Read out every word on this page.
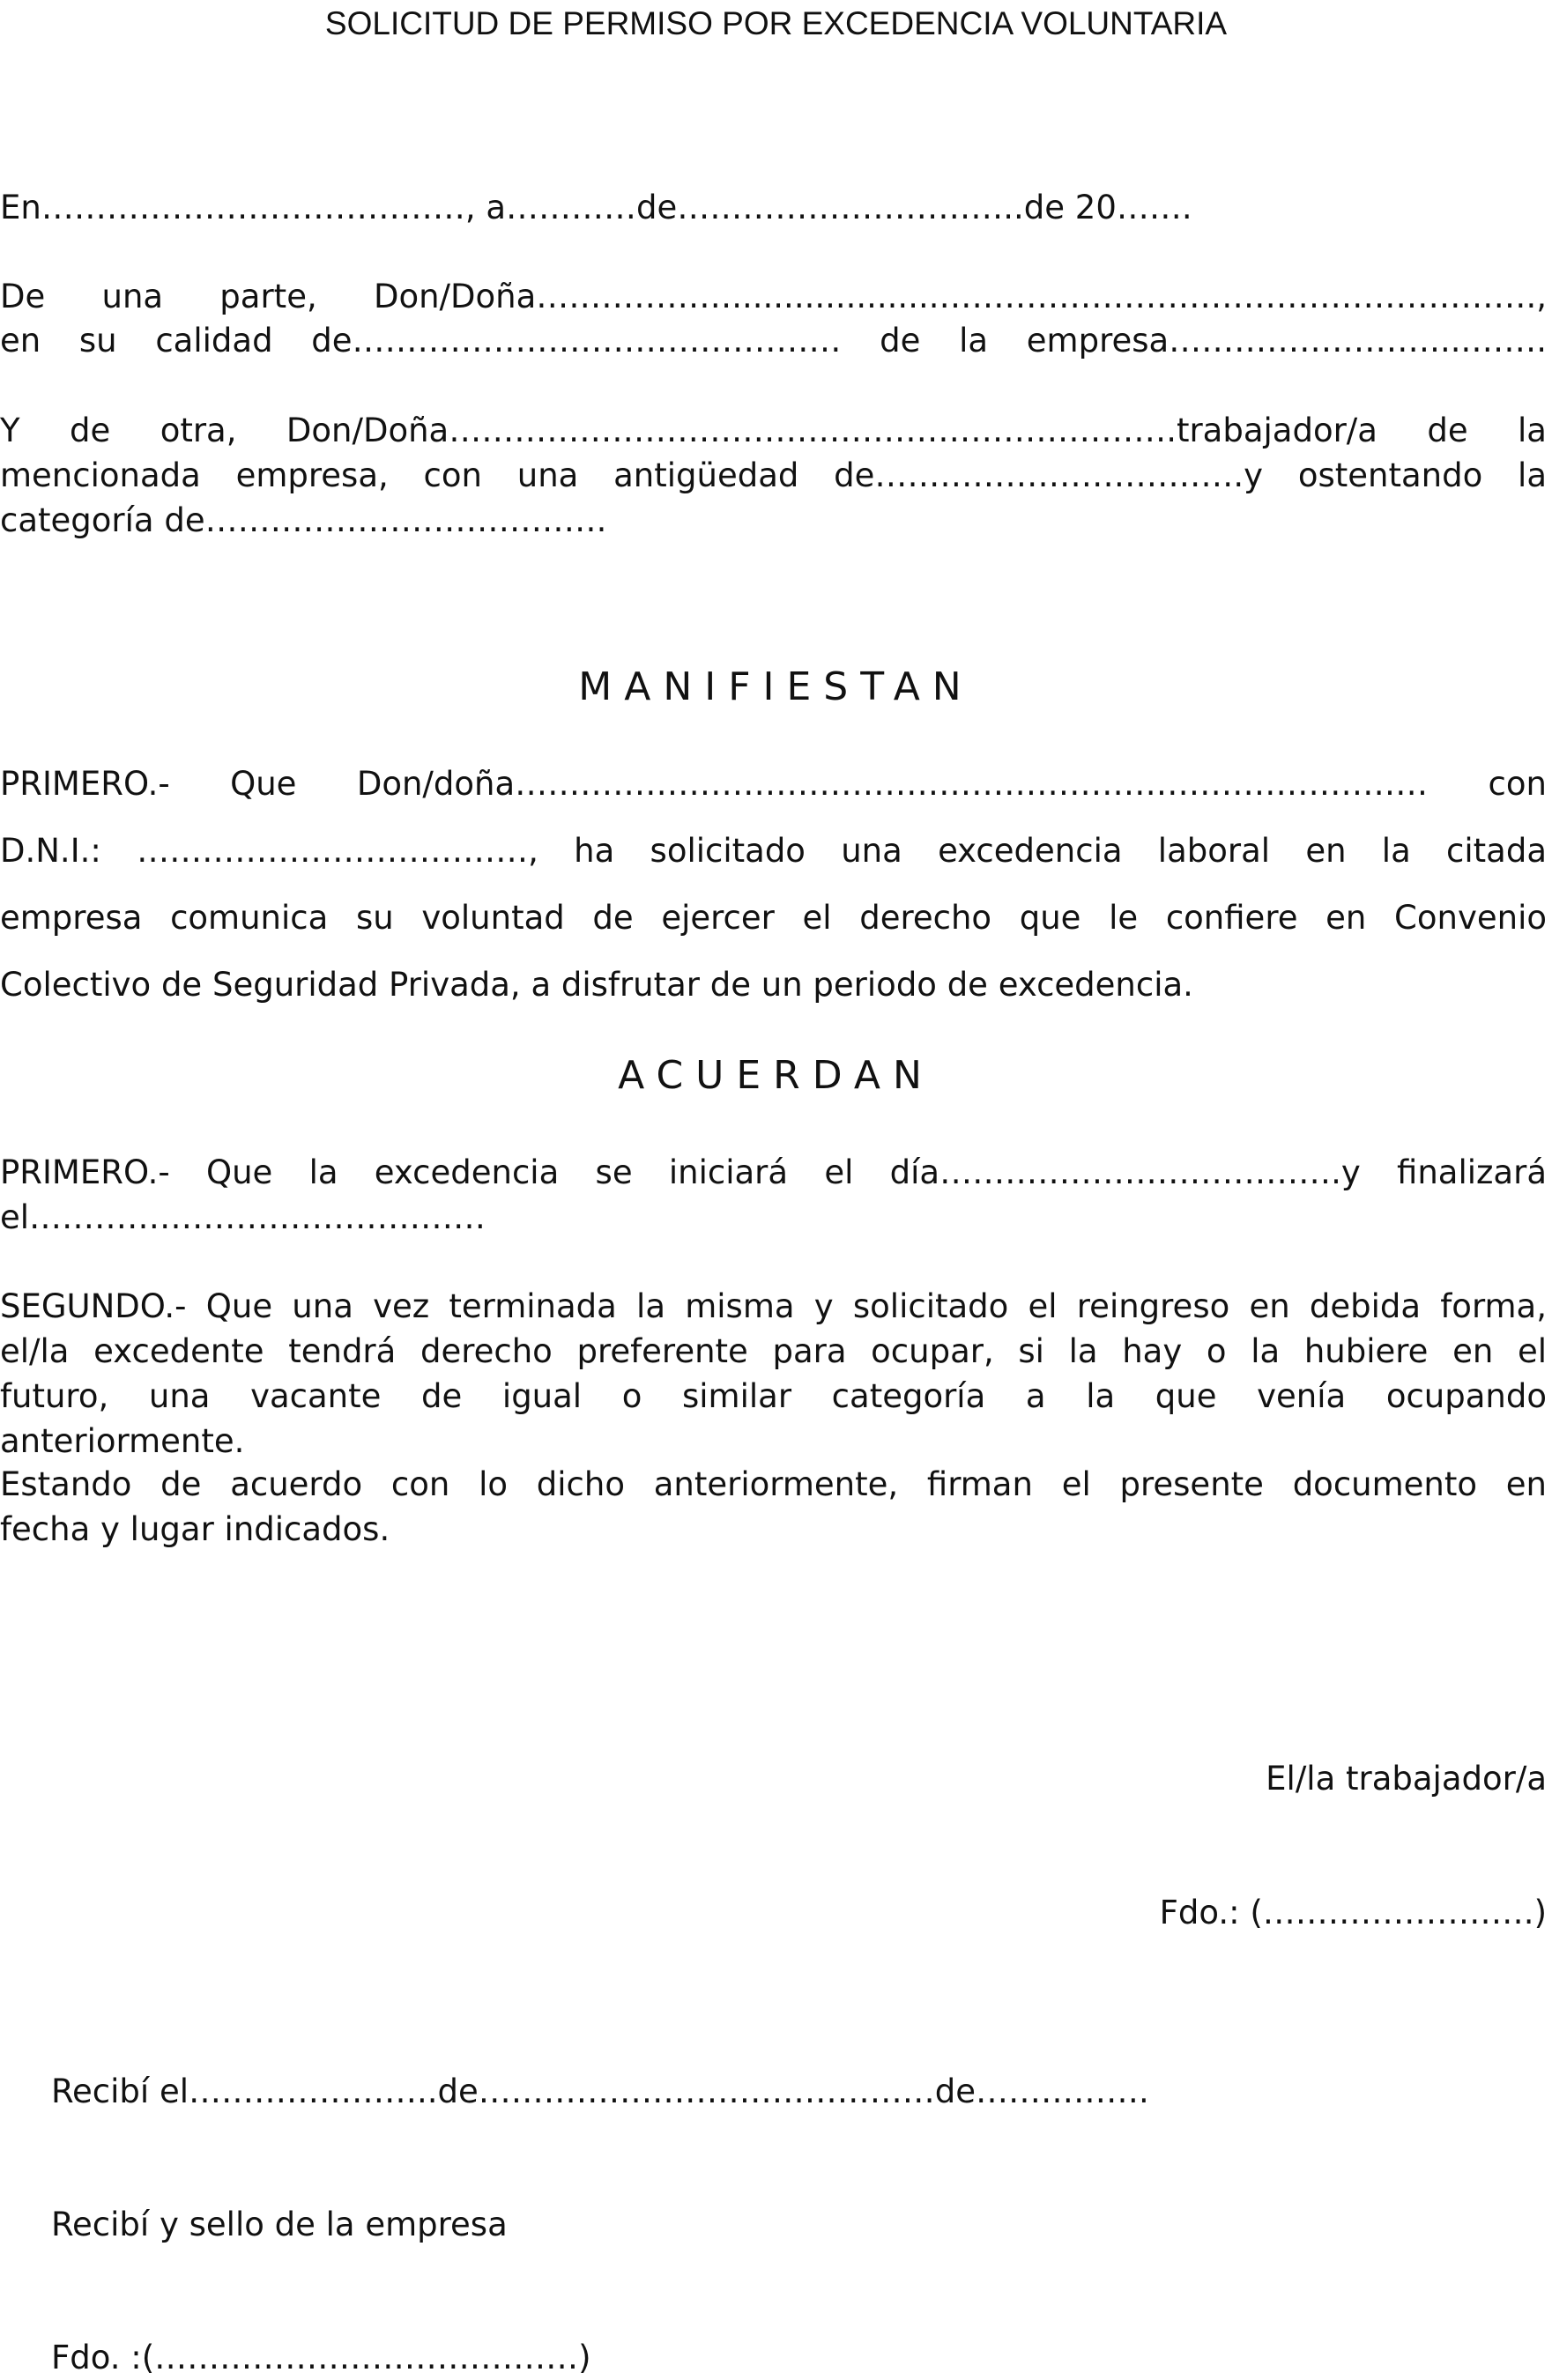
SOLICITUD DE PERMISO POR EXCEDENCIA VOLUNTARIA
En…………………………………, a…………de…………………………..de 20…….
De una parte, Don/Doña………………....................……………………………………………….,
en su calidad de……………………………………… de la empresa……………………....…….
Y de otra, Don/Doña………………………………………………………….trabajador/a de la
mencionada empresa, con una antigüedad de…………………………….y ostentando la
categoría de……………………………….
MANIFIESTAN
PRIMERO.- Que Don/doña………………………………………………………………………… con
D.N.I.: ………………………………, ha solicitado una excedencia laboral en la citada
empresa comunica su voluntad de ejercer el derecho que le confiere en Convenio
Colectivo de Seguridad Privada, a disfrutar de un periodo de excedencia.
ACUERDAN
PRIMERO.- Que la excedencia se iniciará el día……………………………….y finalizará
el……………………………………
SEGUNDO.- Que una vez terminada la misma y solicitado el reingreso en debida forma,
el/la excedente tendrá derecho preferente para ocupar, si la hay o la hubiere en el
futuro, una vacante de igual o similar categoría a la que venía ocupando
anteriormente.
Estando de acuerdo con lo dicho anteriormente, firman el presente documento en
fecha y lugar indicados.
El/la trabajador/a
Fdo.: (…………………….)
Recibí el…………………..de……………………………………de…………….
Recibí y sello de la empresa
Fdo. :(…………………………………)
